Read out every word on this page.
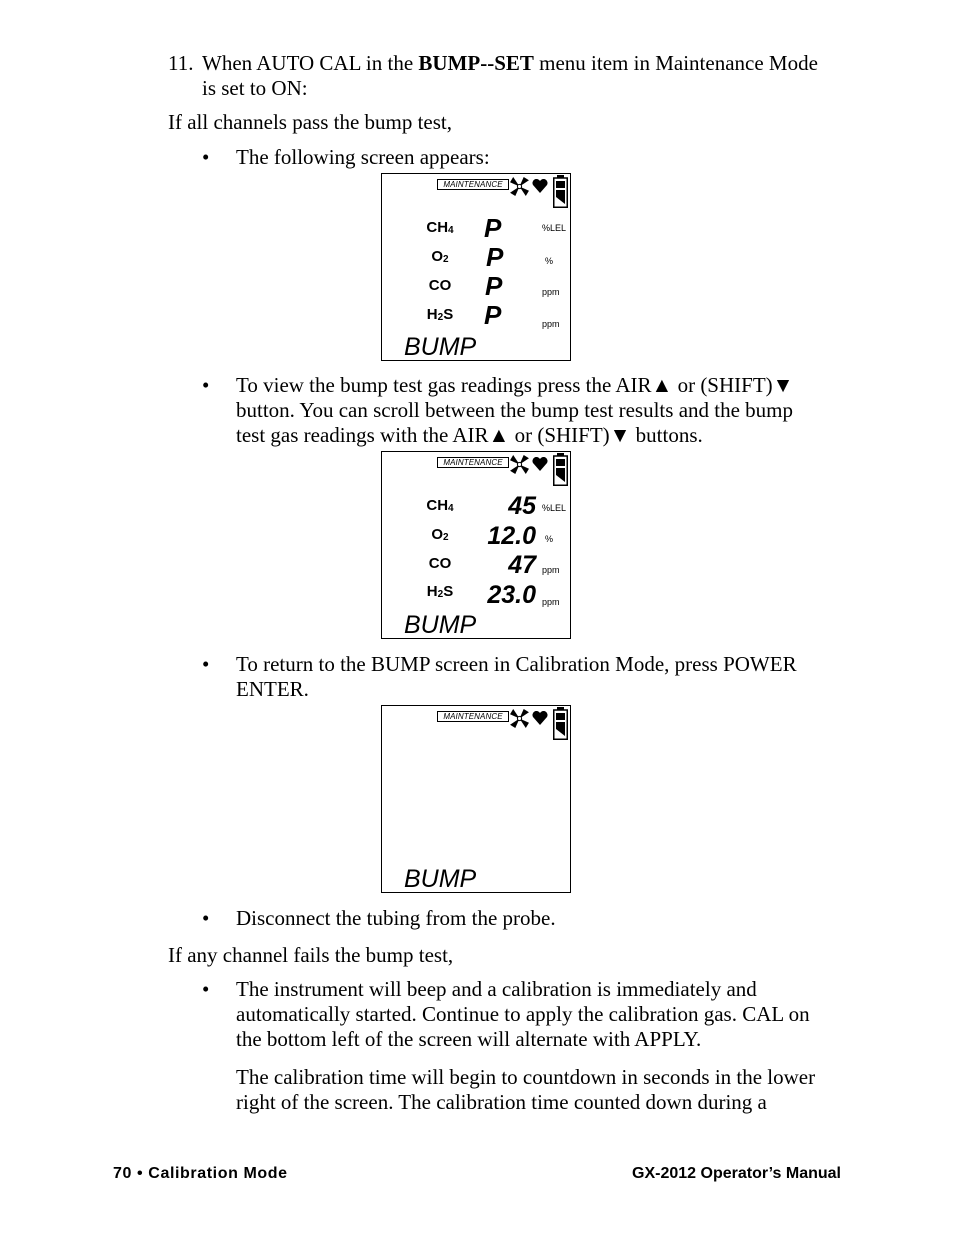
11. When AUTO CAL in the BUMP--SET menu item in Maintenance Mode
is set to ON:
If all channels pass the bump test,
• The following screen appears:
MAINTENANCE
$CH_4$
$O_2$
CO
$H_2S$
P
P
P
P
%LEL
%
ppm
ppm
BUMP
• To view the bump test gas readings press the AIR▲ or (SHIFT)▼
button. You can scroll between the bump test results and the bump
test gas readings with the AIR▲ or (SHIFT)▼ buttons.
MAINTENANCE
$CH_4$
$O_2$
CO
$H_2S$
45
12.0
47
23.0
%LEL
%
ppm
ppm
BUMP
• To return to the BUMP screen in Calibration Mode, press POWER
ENTER.
MAINTENANCE
BUMP
• Disconnect the tubing from the probe.
If any channel fails the bump test,
• The instrument will beep and a calibration is immediately and
automatically started. Continue to apply the calibration gas. CAL on
the bottom left of the screen will alternate with APPLY.
The calibration time will begin to countdown in seconds in the lower
right of the screen. The calibration time counted down during a
70 • Calibration Mode	GX-2012 Operator’s Manual
